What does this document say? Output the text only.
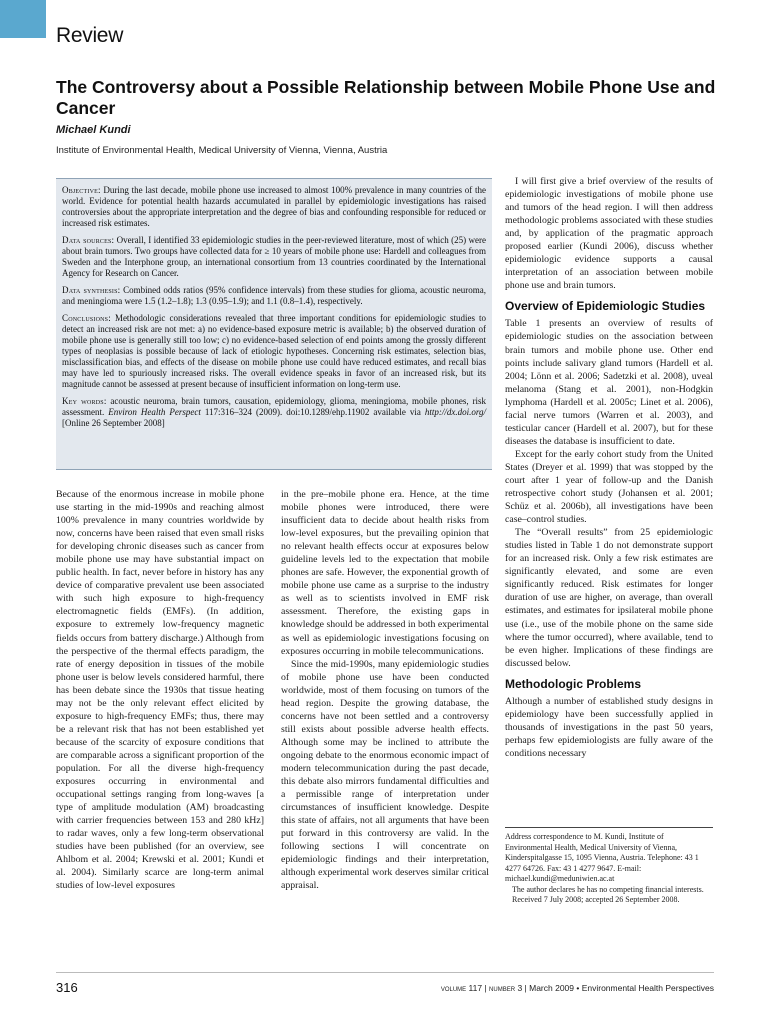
Review
The Controversy about a Possible Relationship between Mobile Phone Use and Cancer
Michael Kundi
Institute of Environmental Health, Medical University of Vienna, Vienna, Austria

Objective: During the last decade, mobile phone use increased to almost 100% prevalence in many countries of the world. Evidence for potential health hazards accumulated in parallel by epidemiologic investigations has raised controversies about the appropriate interpretation and the degree of bias and confounding responsible for reduced or increased risk estimates.

Data sources: Overall, I identified 33 epidemiologic studies in the peer-reviewed literature, most of which (25) were about brain tumors. Two groups have collected data for ≥ 10 years of mobile phone use: Hardell and colleagues from Sweden and the Interphone group, an international consortium from 13 countries coordinated by the International Agency for Research on Cancer.

Data synthesis: Combined odds ratios (95% confidence intervals) from these studies for glioma, acoustic neuroma, and meningioma were 1.5 (1.2–1.8); 1.3 (0.95–1.9); and 1.1 (0.8–1.4), respectively.

Conclusions: Methodologic considerations revealed that three important conditions for epidemiologic studies to detect an increased risk are not met: a) no evidence-based exposure metric is available; b) the observed duration of mobile phone use is generally still too low; c) no evidence-based selection of end points among the grossly different types of neoplasias is possible because of lack of etiologic hypotheses. Concerning risk estimates, selection bias, misclassification bias, and effects of the disease on mobile phone use could have reduced estimates, and recall bias may have led to spuriously increased risks. The overall evidence speaks in favor of an increased risk, but its magnitude cannot be assessed at present because of insufficient information on long-term use.

Key words: acoustic neuroma, brain tumors, causation, epidemiology, glioma, meningioma, mobile phones, risk assessment. Environ Health Perspect 117:316–324 (2009). doi:10.1289/ehp.11902 available via http://dx.doi.org/ [Online 26 September 2008]

Because of the enormous increase in mobile phone use starting in the mid-1990s and reaching almost 100% prevalence in many countries worldwide by now, concerns have been raised that even small risks for developing chronic diseases such as cancer from mobile phone use may have substantial impact on public health. In fact, never before in history has any device of comparative prevalent use been associated with such high exposure to high-frequency electromagnetic fields (EMFs). (In addition, exposure to extremely low-frequency magnetic fields occurs from battery discharge.) Although from the perspective of the thermal effects paradigm, the rate of energy deposition in tissues of the mobile phone user is below levels considered harmful, there has been debate since the 1930s that tissue heating may not be the only relevant effect elicited by exposure to high-frequency EMFs; thus, there may be a relevant risk that has not been established yet because of the scarcity of exposure conditions that are comparable across a significant proportion of the population. For all the diverse high-frequency exposures occurring in environmental and occupational settings ranging from long-waves [a type of amplitude modulation (AM) broadcasting with carrier frequencies between 153 and 280 kHz] to radar waves, only a few long-term observational studies have been published (for an overview, see Ahlbom et al. 2004; Krewski et al. 2001; Kundi et al. 2004). Similarly scarce are long-term animal studies of low-level exposures

in the pre–mobile phone era. Hence, at the time mobile phones were introduced, there were insufficient data to decide about health risks from low-level exposures, but the prevailing opinion that no relevant health effects occur at exposures below guideline levels led to the expectation that mobile phones are safe. However, the exponential growth of mobile phone use came as a surprise to the industry as well as to scientists involved in EMF risk assessment. Therefore, the existing gaps in knowledge should be addressed in both experimental as well as epidemiologic investigations focusing on exposures occurring in mobile telecommunications.

Since the mid-1990s, many epidemiologic studies of mobile phone use have been conducted worldwide, most of them focusing on tumors of the head region. Despite the growing database, the concerns have not been settled and a controversy still exists about possible adverse health effects. Although some may be inclined to attribute the ongoing debate to the enormous economic impact of modern telecommunication during the past decade, this debate also mirrors fundamental difficulties and a permissible range of interpretation under circumstances of insufficient knowledge. Despite this state of affairs, not all arguments that have been put forward in this controversy are valid. In the following sections I will concentrate on epidemiologic findings and their interpretation, although experimental work deserves similar critical appraisal.

I will first give a brief overview of the results of epidemiologic investigations of mobile phone use and tumors of the head region. I will then address methodologic problems associated with these studies and, by application of the pragmatic approach proposed earlier (Kundi 2006), discuss whether epidemiologic evidence supports a causal interpretation of an association between mobile phone use and brain tumors.

Overview of Epidemiologic Studies

Table 1 presents an overview of results of epidemiologic studies on the association between brain tumors and mobile phone use. Other end points include salivary gland tumors (Hardell et al. 2004; Lönn et al. 2006; Sadetzki et al. 2008), uveal melanoma (Stang et al. 2001), non-Hodgkin lymphoma (Hardell et al. 2005c; Linet et al. 2006), facial nerve tumors (Warren et al. 2003), and testicular cancer (Hardell et al. 2007), but for these diseases the database is insufficient to date.

Except for the early cohort study from the United States (Dreyer et al. 1999) that was stopped by the court after 1 year of follow-up and the Danish retrospective cohort study (Johansen et al. 2001; Schüz et al. 2006b), all investigations have been case–control studies.

The “Overall results” from 25 epidemiologic studies listed in Table 1 do not demonstrate support for an increased risk. Only a few risk estimates are significantly elevated, and some are even significantly reduced. Risk estimates for longer duration of use are higher, on average, than overall estimates, and estimates for ipsilateral mobile phone use (i.e., use of the mobile phone on the same side where the tumor occurred), where available, tend to be even higher. Implications of these findings are discussed below.

Methodologic Problems

Although a number of established study designs in epidemiology have been successfully applied in thousands of investigations in the past 50 years, perhaps few epidemiologists are fully aware of the conditions necessary

Address correspondence to M. Kundi, Institute of Environmental Health, Medical University of Vienna, Kinderspitalgasse 15, 1095 Vienna, Austria. Telephone: 43 1 4277 64726. Fax: 43 1 4277 9647. E-mail: michael.kundi@meduniwien.ac.at

The author declares he has no competing financial interests.

Received 7 July 2008; accepted 26 September 2008.

316	volume 117 | number 3 | March 2009 • Environmental Health Perspectives
